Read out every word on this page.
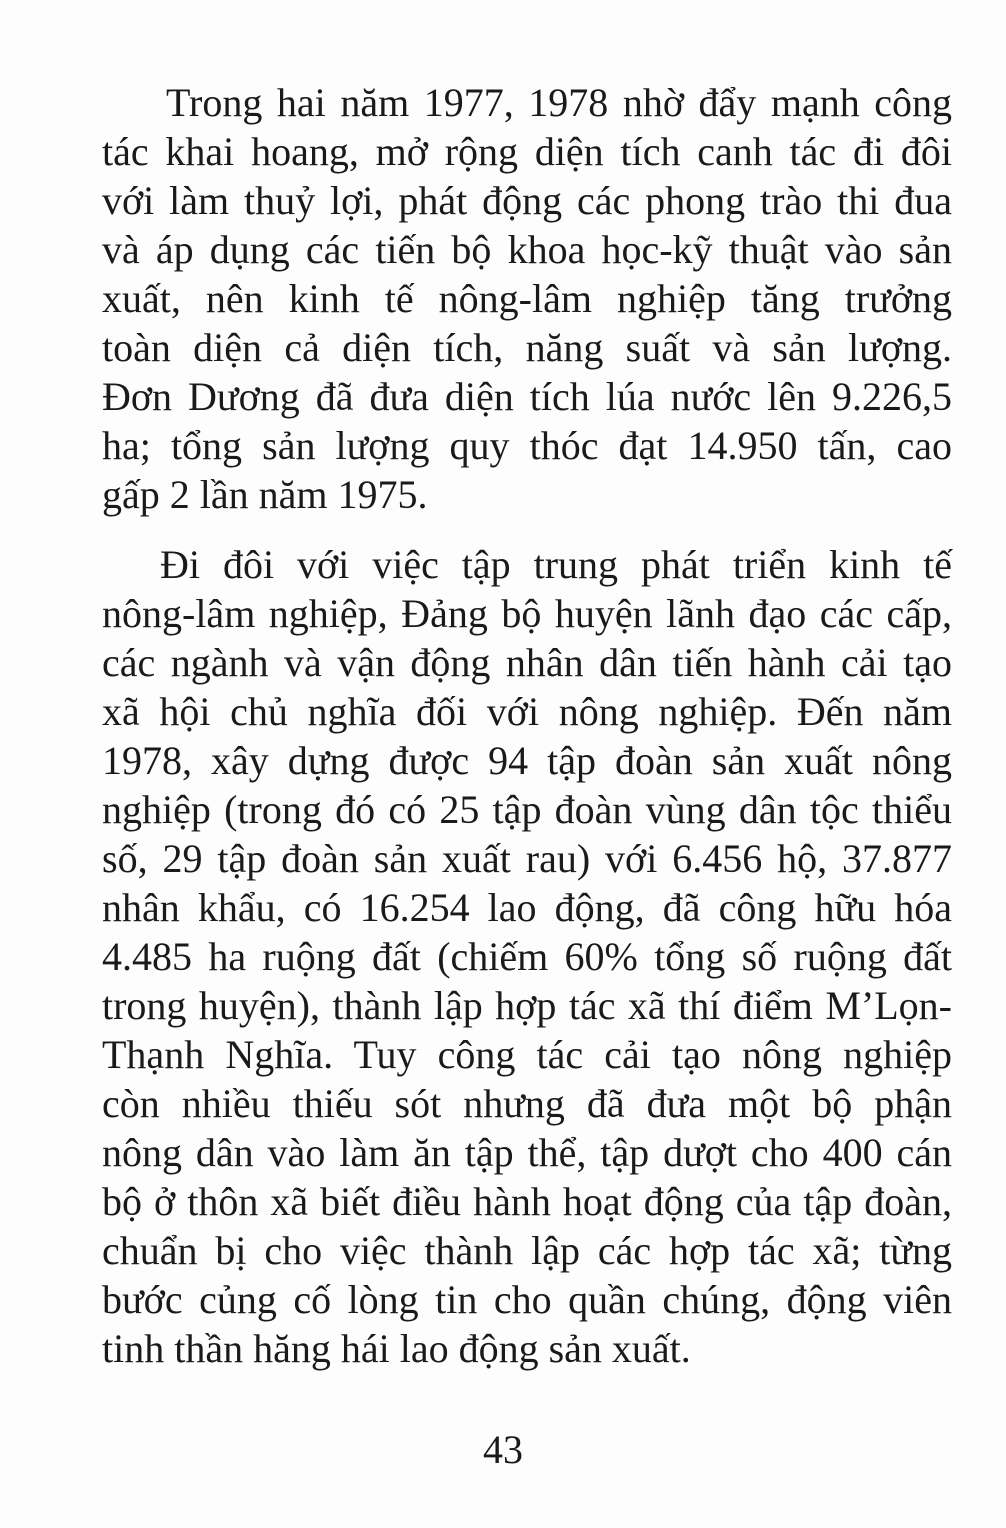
Trong hai năm 1977, 1978 nhờ đẩy mạnh công
tác khai hoang, mở rộng diện tích canh tác đi đôi
với làm thuỷ lợi, phát động các phong trào thi đua
và áp dụng các tiến bộ khoa học-kỹ thuật vào sản
xuất, nên kinh tế nông-lâm nghiệp tăng trưởng
toàn diện cả diện tích, năng suất và sản lượng.
Đơn Dương đã đưa diện tích lúa nước lên 9.226,5
ha; tổng sản lượng quy thóc đạt 14.950 tấn, cao
gấp 2 lần năm 1975.
Đi đôi với việc tập trung phát triển kinh tế
nông-lâm nghiệp, Đảng bộ huyện lãnh đạo các cấp,
các ngành và vận động nhân dân tiến hành cải tạo
xã hội chủ nghĩa đối với nông nghiệp. Đến năm
1978, xây dựng được 94 tập đoàn sản xuất nông
nghiệp (trong đó có 25 tập đoàn vùng dân tộc thiểu
số, 29 tập đoàn sản xuất rau) với 6.456 hộ, 37.877
nhân khẩu, có 16.254 lao động, đã công hữu hóa
4.485 ha ruộng đất (chiếm 60% tổng số ruộng đất
trong huyện), thành lập hợp tác xã thí điểm M’Lọn-
Thạnh Nghĩa. Tuy công tác cải tạo nông nghiệp
còn nhiều thiếu sót nhưng đã đưa một bộ phận
nông dân vào làm ăn tập thể, tập dượt cho 400 cán
bộ ở thôn xã biết điều hành hoạt động của tập đoàn,
chuẩn bị cho việc thành lập các hợp tác xã; từng
bước củng cố lòng tin cho quần chúng, động viên
tinh thần hăng hái lao động sản xuất.
43
